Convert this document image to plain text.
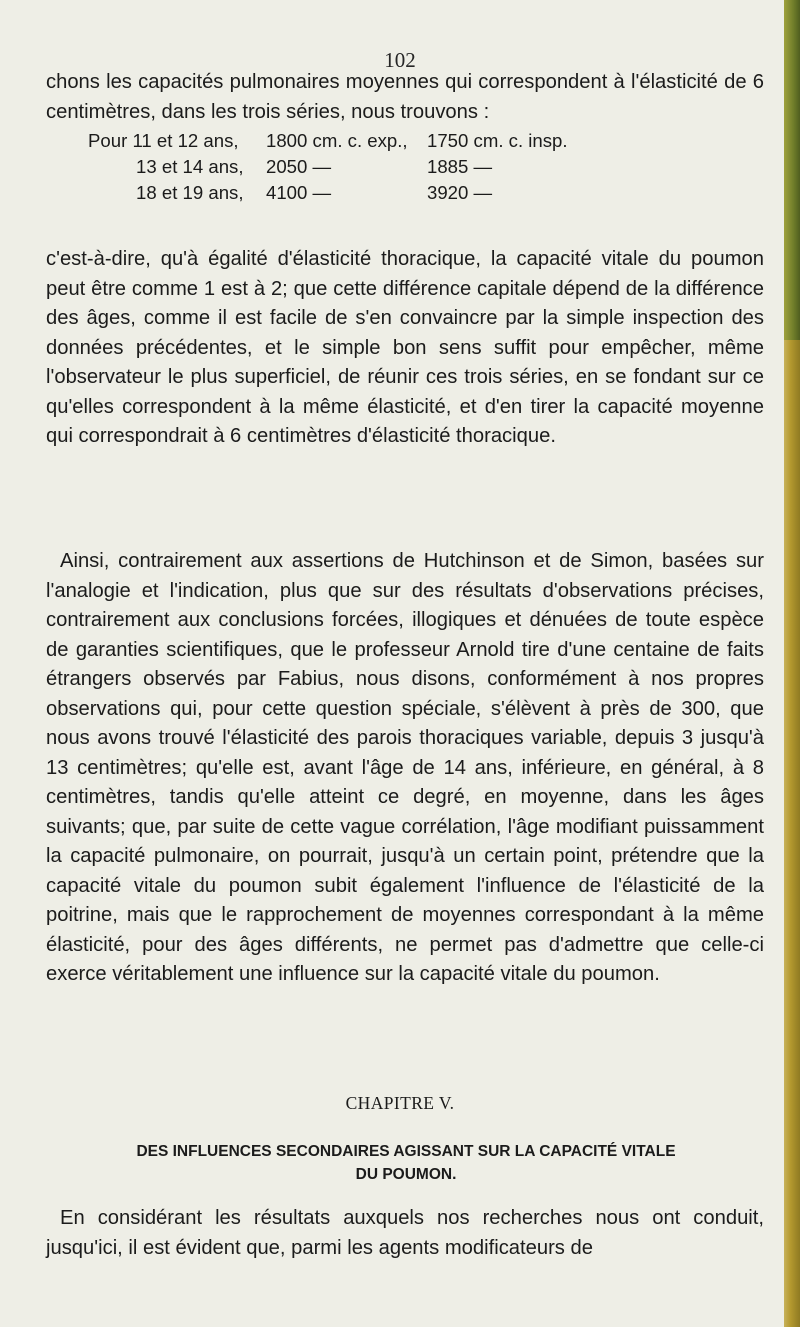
102

chons les capacités pulmonaires moyennes qui correspondent à l'élasticité de 6 centimètres, dans les trois séries, nous trouvons :

Pour 11 et 12 ans,	1800 cm. c. exp.,	1750 cm. c. insp.
13 et 14 ans,	2050 —	1885 —
18 et 19 ans,	4100 —	3920 —

c'est-à-dire, qu'à égalité d'élasticité thoracique, la capacité vitale du poumon peut être comme 1 est à 2; que cette différence capitale dépend de la différence des âges, comme il est facile de s'en convaincre par la simple inspection des données précédentes, et le simple bon sens suffit pour empêcher, même l'observateur le plus superficiel, de réunir ces trois séries, en se fondant sur ce qu'elles correspondent à la même élasticité, et d'en tirer la capacité moyenne qui correspondrait à 6 centimètres d'élasticité thoracique.

Ainsi, contrairement aux assertions de Hutchinson et de Simon, basées sur l'analogie et l'indication, plus que sur des résultats d'observations précises, contrairement aux conclusions forcées, illogiques et dénuées de toute espèce de garanties scientifiques, que le professeur Arnold tire d'une centaine de faits étrangers observés par Fabius, nous disons, conformément à nos propres observations qui, pour cette question spéciale, s'élèvent à près de 300, que nous avons trouvé l'élasticité des parois thoraciques variable, depuis 3 jusqu'à 13 centimètres; qu'elle est, avant l'âge de 14 ans, inférieure, en général, à 8 centimètres, tandis qu'elle atteint ce degré, en moyenne, dans les âges suivants; que, par suite de cette vague corrélation, l'âge modifiant puissamment la capacité pulmonaire, on pourrait, jusqu'à un certain point, prétendre que la capacité vitale du poumon subit également l'influence de l'élasticité de la poitrine, mais que le rapprochement de moyennes correspondant à la même élasticité, pour des âges différents, ne permet pas d'admettre que celle-ci exerce véritablement une influence sur la capacité vitale du poumon.

CHAPITRE V.
DES INFLUENCES SECONDAIRES AGISSANT SUR LA CAPACITÉ VITALE
DU POUMON.

En considérant les résultats auxquels nos recherches nous ont conduit, jusqu'ici, il est évident que, parmi les agents modificateurs de
